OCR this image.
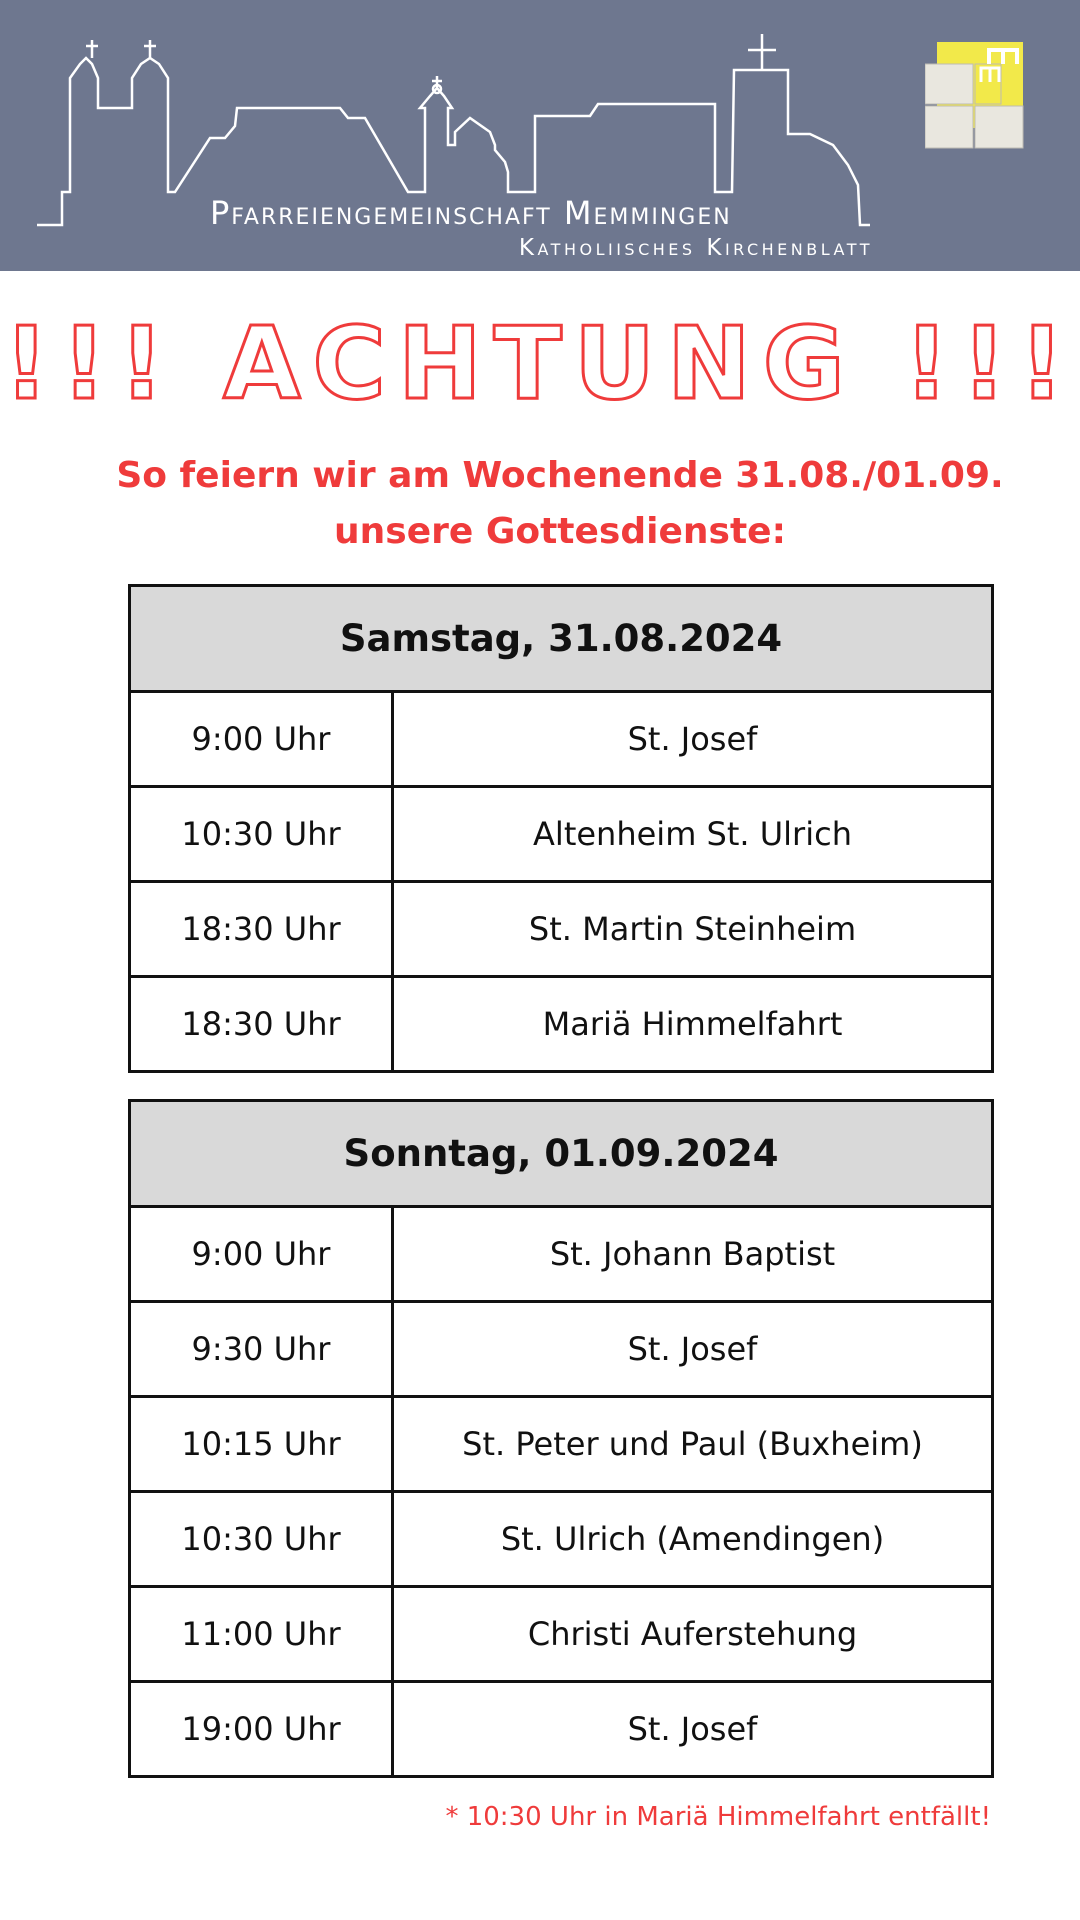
Pfarreiengemeinschaft Memmingen
Katholiisches Kirchenblatt
!!! ACHTUNG !!!
So feiern wir am Wochenende 31.08./01.09.
unsere Gottesdienste:
Samstag, 31.08.2024	
9:00 Uhr	St. Josef
10:30 Uhr	Altenheim St. Ulrich
18:30 Uhr	St. Martin Steinheim
18:30 Uhr	Mariä Himmelfahrt
Sonntag, 01.09.2024	
9:00 Uhr	St. Johann Baptist
9:30 Uhr	St. Josef
10:15 Uhr	St. Peter und Paul (Buxheim)
10:30 Uhr	St. Ulrich (Amendingen)
11:00 Uhr	Christi Auferstehung
19:00 Uhr	St. Josef
* 10:30 Uhr in Mariä Himmelfahrt entfällt!
